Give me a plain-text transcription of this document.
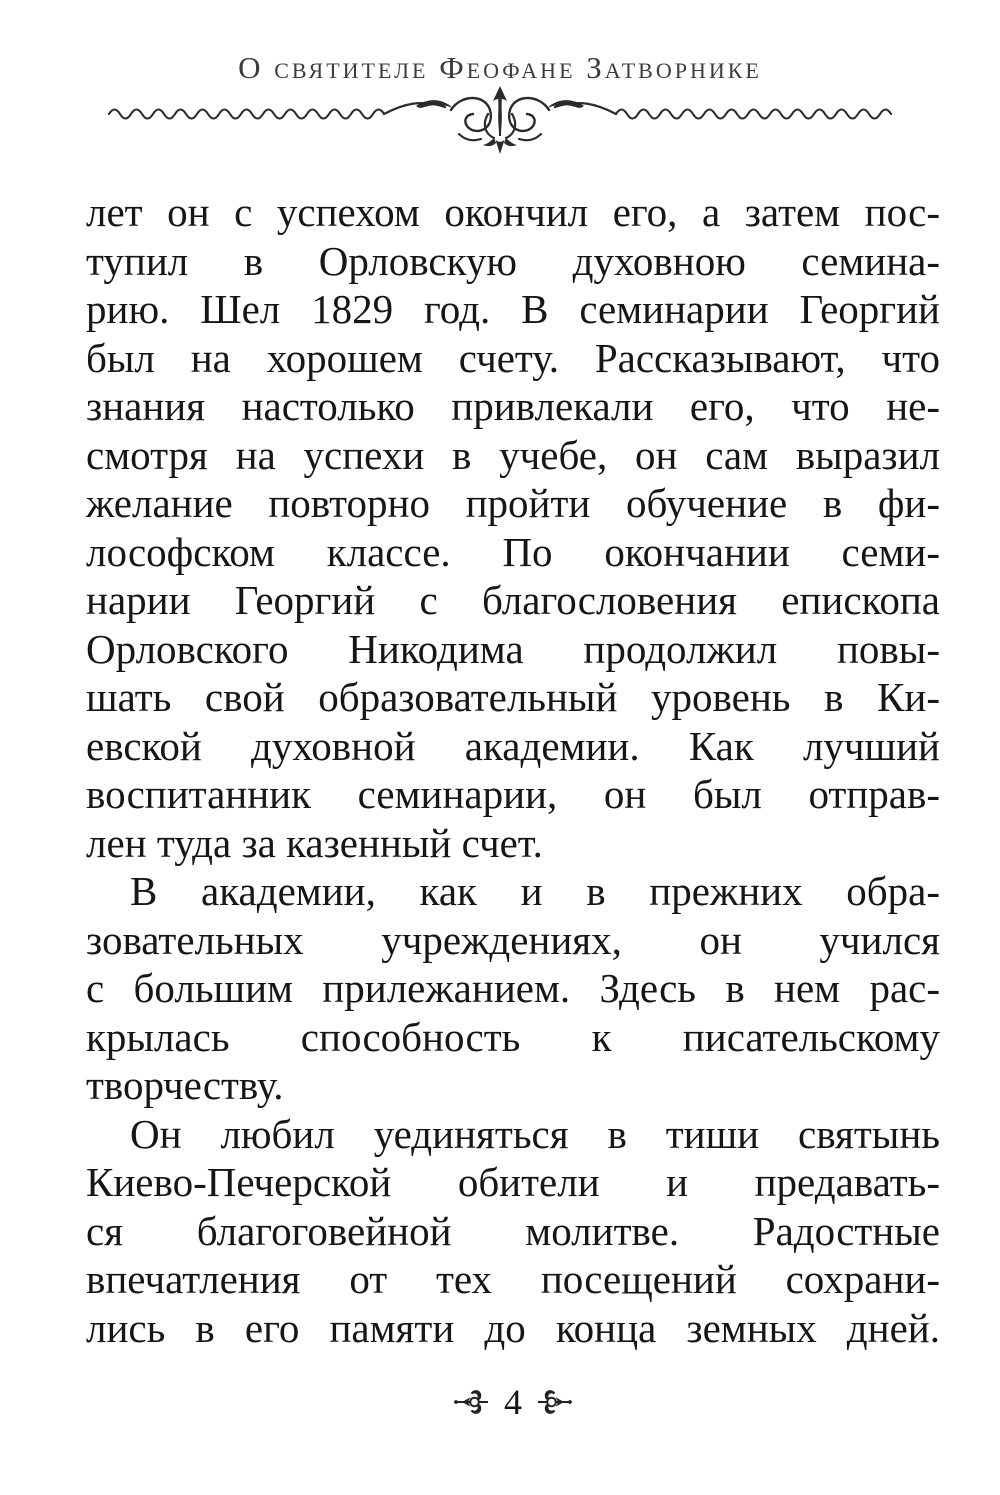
О святителе Феофане Затворнике
лет он с успехом окончил его, а затем пос-
тупил в Орловскую духовною семина-
рию. Шел 1829 год. В семинарии Георгий
был на хорошем счету. Рассказывают, что
знания настолько привлекали его, что не-
смотря на успехи в учебе, он сам выразил
желание повторно пройти обучение в фи-
лософском классе. По окончании семи-
нарии Георгий с благословения епископа
Орловского Никодима продолжил повы-
шать свой образовательный уровень в Ки-
евской духовной академии. Как лучший
воспитанник семинарии, он был отправ-
лен туда за казенный счет.
В академии, как и в прежних обра-
зовательных учреждениях, он учился
с большим прилежанием. Здесь в нем рас-
крылась способность к писательскому
творчеству.
Он любил уединяться в тиши святынь
Киево-Печерской обители и предавать-
ся благоговейной молитве. Радостные
впечатления от тех посещений сохрани-
лись в его памяти до конца земных дней.
4
